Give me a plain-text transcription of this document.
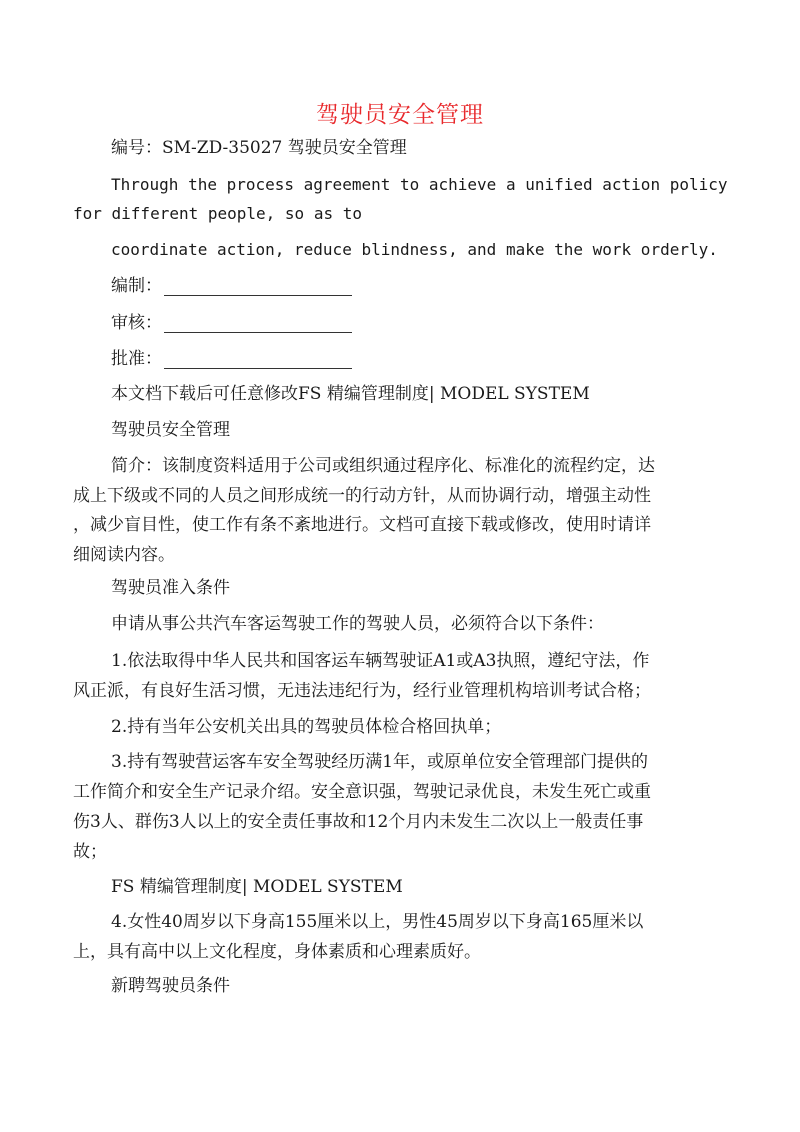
驾驶员安全管理
编号：SM-ZD-35027 驾驶员安全管理
Through the process agreement to achieve a unified action policy
for different people, so as to
coordinate action, reduce blindness, and make the work orderly.
编制：
审核：
批准：
本文档下载后可任意修改FS 精编管理制度| MODEL SYSTEM
驾驶员安全管理
简介：该制度资料适用于公司或组织通过程序化、标准化的流程约定，达
成上下级或不同的人员之间形成统一的行动方针，从而协调行动，增强主动性
，减少盲目性，使工作有条不紊地进行。文档可直接下载或修改，使用时请详
细阅读内容。
驾驶员准入条件
申请从事公共汽车客运驾驶工作的驾驶人员，必须符合以下条件：
1.依法取得中华人民共和国客运车辆驾驶证A1或A3执照，遵纪守法，作
风正派，有良好生活习惯，无违法违纪行为，经行业管理机构培训考试合格；
2.持有当年公安机关出具的驾驶员体检合格回执单；
3.持有驾驶营运客车安全驾驶经历满1年，或原单位安全管理部门提供的
工作简介和安全生产记录介绍。安全意识强，驾驶记录优良，未发生死亡或重
伤3人、群伤3人以上的安全责任事故和12个月内未发生二次以上一般责任事
故；
FS 精编管理制度| MODEL SYSTEM
4.女性40周岁以下身高155厘米以上，男性45周岁以下身高165厘米以
上，具有高中以上文化程度，身体素质和心理素质好。
新聘驾驶员条件
